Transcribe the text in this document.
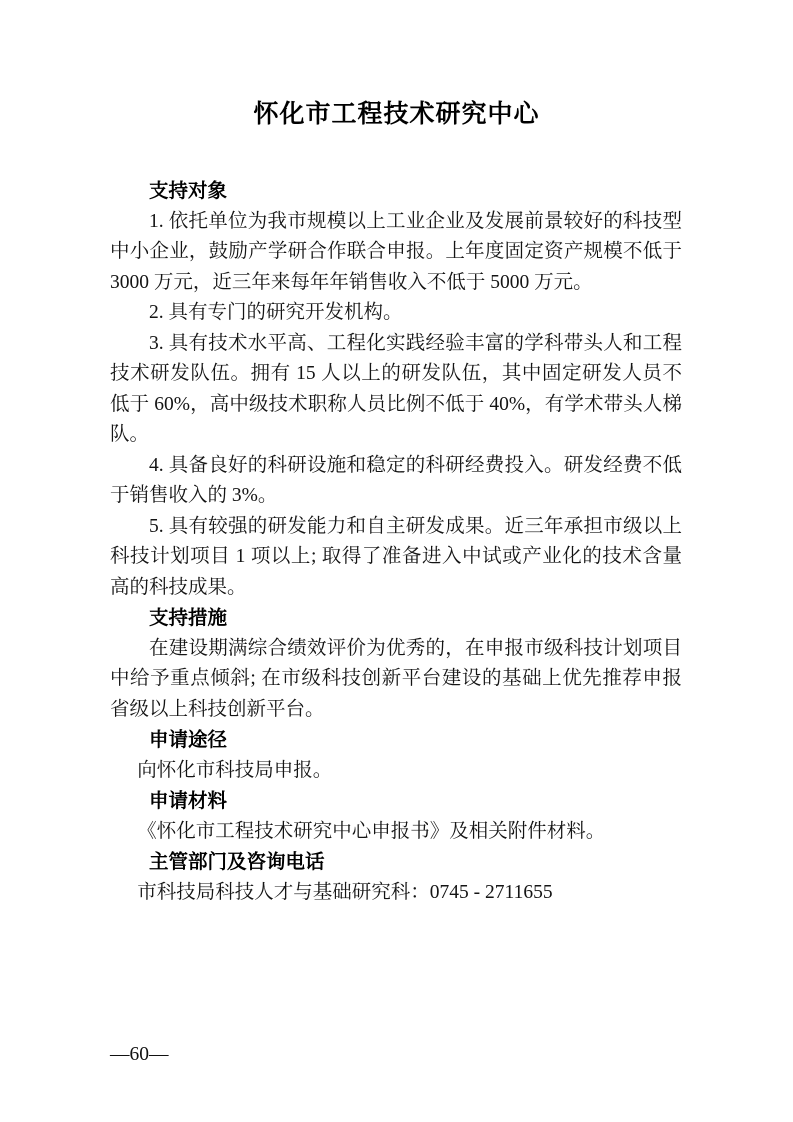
怀化市工程技术研究中心

支持对象

1. 依托单位为我市规模以上工业企业及发展前景较好的科技型中小企业，鼓励产学研合作联合申报。上年度固定资产规模不低于 3000 万元，近三年来每年年销售收入不低于 5000 万元。

2. 具有专门的研究开发机构。

3. 具有技术水平高、工程化实践经验丰富的学科带头人和工程技术研发队伍。拥有 15 人以上的研发队伍，其中固定研发人员不低于 60%，高中级技术职称人员比例不低于 40%，有学术带头人梯队。

4. 具备良好的科研设施和稳定的科研经费投入。研发经费不低于销售收入的 3%。

5. 具有较强的研发能力和自主研发成果。近三年承担市级以上科技计划项目 1 项以上; 取得了准备进入中试或产业化的技术含量高的科技成果。

支持措施

在建设期满综合绩效评价为优秀的，在申报市级科技计划项目中给予重点倾斜; 在市级科技创新平台建设的基础上优先推荐申报省级以上科技创新平台。

申请途径

向怀化市科技局申报。

申请材料

《怀化市工程技术研究中心申报书》及相关附件材料。

主管部门及咨询电话

市科技局科技人才与基础研究科：0745 - 2711655

—60—
